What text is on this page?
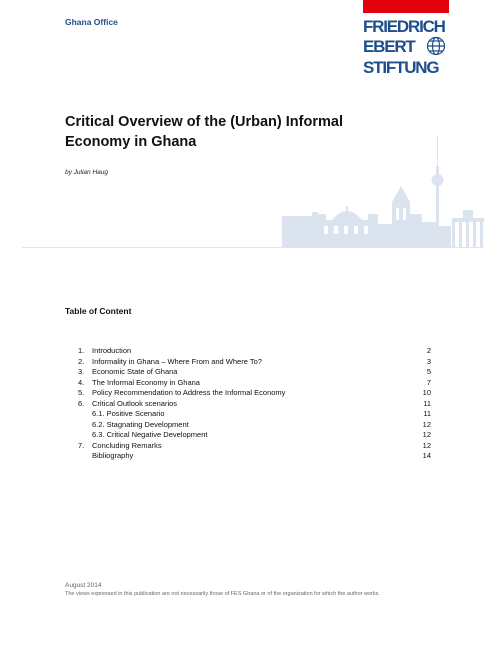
Ghana Office	FRIEDRICH
EBERT
STIFTUNG
Critical Overview of the (Urban) Informal
Economy in Ghana
by Julian Haug
Table of Content
1.	Introduction	2
2.	Informality in Ghana – Where From and Where To?	3
3.	Economic State of Ghana	5
4.	The Informal Economy in Ghana	7
5.	Policy Recommendation to Address the Informal Economy	10
6.	Critical Outlook scenarios	11
6.1. Positive Scenario	11
6.2. Stagnating Development	12
6.3. Critical Negative Development	12
7.	Concluding Remarks	12
Bibliography	14
August 2014
The views expressed in this publication are not necessarily those of FES Ghana or of the organization for which the author works.
